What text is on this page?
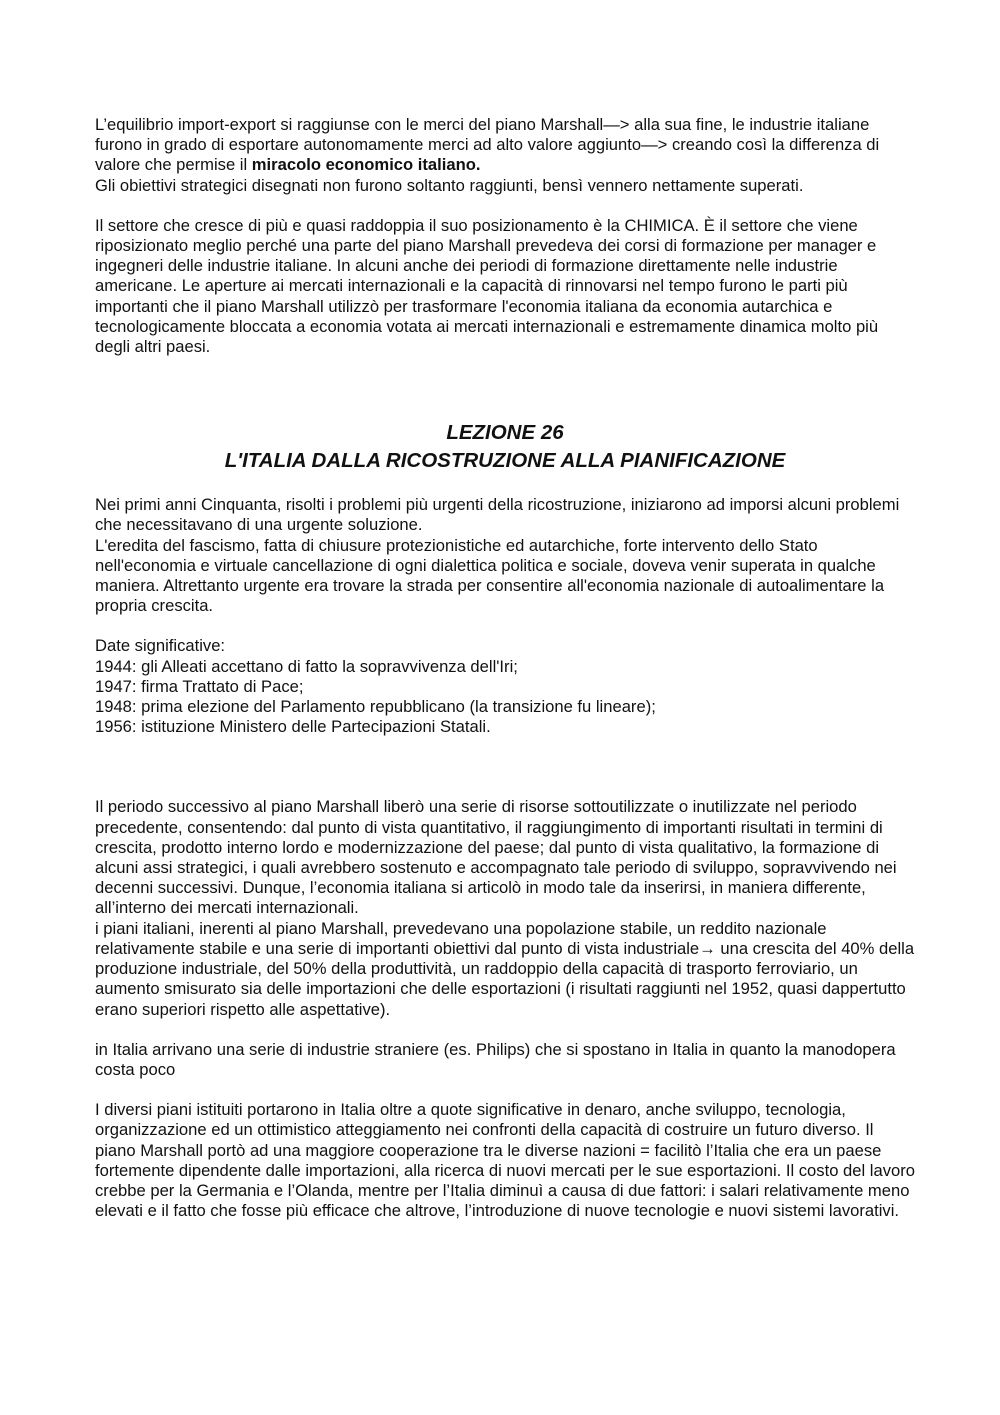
L’equilibrio import-export si raggiunse con le merci del piano Marshall—> alla sua fine, le industrie italiane furono in grado di esportare autonomamente merci ad alto valore aggiunto—> creando così la differenza di valore che permise il miracolo economico italiano.

Gli obiettivi strategici disegnati non furono soltanto raggiunti, bensì vennero nettamente superati.

Il settore che cresce di più e quasi raddoppia il suo posizionamento è la CHIMICA. È il settore che viene riposizionato meglio perché una parte del piano Marshall prevedeva dei corsi di formazione per manager e ingegneri delle industrie italiane. In alcuni anche dei periodi di formazione direttamente nelle industrie americane. Le aperture ai mercati internazionali e la capacità di rinnovarsi nel tempo furono le parti più importanti che il piano Marshall utilizzò per trasformare l'economia italiana da economia autarchica e tecnologicamente bloccata a economia votata ai mercati internazionali e estremamente dinamica molto più degli altri paesi.

LEZIONE 26
L'ITALIA DALLA RICOSTRUZIONE ALLA PIANIFICAZIONE

Nei primi anni Cinquanta, risolti i problemi più urgenti della ricostruzione, iniziarono ad imporsi alcuni problemi che necessitavano di una urgente soluzione.

L'eredita del fascismo, fatta di chiusure protezionistiche ed autarchiche, forte intervento dello Stato nell'economia e virtuale cancellazione di ogni dialettica politica e sociale, doveva venir superata in qualche maniera. Altrettanto urgente era trovare la strada per consentire all'economia nazionale di autoalimentare la propria crescita.

Date significative:

1944: gli Alleati accettano di fatto la sopravvivenza dell'Iri;
1947: firma Trattato di Pace;
1948: prima elezione del Parlamento repubblicano (la transizione fu lineare);
1956: istituzione Ministero delle Partecipazioni Statali.

Il periodo successivo al piano Marshall liberò una serie di risorse sottoutilizzate o inutilizzate nel periodo precedente, consentendo: dal punto di vista quantitativo, il raggiungimento di importanti risultati in termini di crescita, prodotto interno lordo e modernizzazione del paese; dal punto di vista qualitativo, la formazione di alcuni assi strategici, i quali avrebbero sostenuto e accompagnato tale periodo di sviluppo, sopravvivendo nei decenni successivi. Dunque, l’economia italiana si articolò in modo tale da inserirsi, in maniera differente, all’interno dei mercati internazionali.

i piani italiani, inerenti al piano Marshall, prevedevano una popolazione stabile, un reddito nazionale relativamente stabile e una serie di importanti obiettivi dal punto di vista industriale→ una crescita del 40% della produzione industriale, del 50% della produttività, un raddoppio della capacità di trasporto ferroviario, un aumento smisurato sia delle importazioni che delle esportazioni (i risultati raggiunti nel 1952, quasi dappertutto erano superiori rispetto alle aspettative).

in Italia arrivano una serie di industrie straniere (es. Philips) che si spostano in Italia in quanto la manodopera costa poco

I diversi piani istituiti portarono in Italia oltre a quote significative in denaro, anche sviluppo, tecnologia, organizzazione ed un ottimistico atteggiamento nei confronti della capacità di costruire un futuro diverso. Il piano Marshall portò ad una maggiore cooperazione tra le diverse nazioni = facilitò l’Italia che era un paese fortemente dipendente dalle importazioni, alla ricerca di nuovi mercati per le sue esportazioni. Il costo del lavoro crebbe per la Germania e l’Olanda, mentre per l’Italia diminuì a causa di due fattori: i salari relativamente meno elevati e il fatto che fosse più efficace che altrove, l’introduzione di nuove tecnologie e nuovi sistemi lavorativi.
